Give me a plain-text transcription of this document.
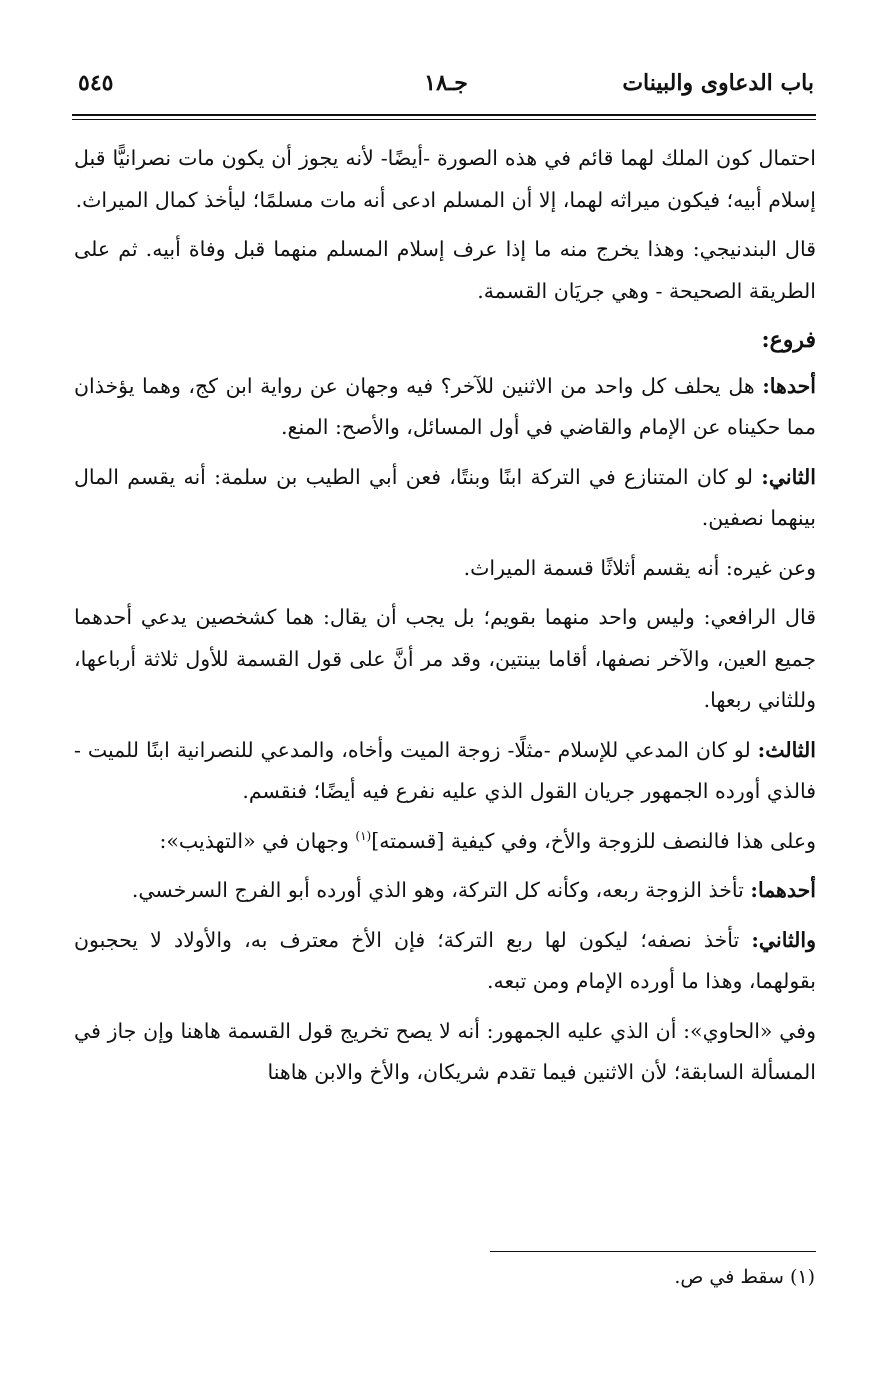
باب الدعاوى والبينات
جـ١٨
٥٤٥

احتمال كون الملك لهما قائم في هذه الصورة -أيضًا- لأنه يجوز أن يكون مات نصرانيًّا قبل إسلام أبيه؛ فيكون ميراثه لهما، إلا أن المسلم ادعى أنه مات مسلمًا؛ ليأخذ كمال الميراث.

قال البندنيجي: وهذا يخرج منه ما إذا عرف إسلام المسلم منهما قبل وفاة أبيه. ثم على الطريقة الصحيحة - وهي جريَان القسمة.

فروع:

أحدها: هل يحلف كل واحد من الاثنين للآخر؟ فيه وجهان عن رواية ابن كج، وهما يؤخذان مما حكيناه عن الإمام والقاضي في أول المسائل، والأصح: المنع.

الثاني: لو كان المتنازع في التركة ابنًا وبنتًا، فعن أبي الطيب بن سلمة: أنه يقسم المال بينهما نصفين.

وعن غيره: أنه يقسم أثلاثًا قسمة الميراث.

قال الرافعي: وليس واحد منهما بقويم؛ بل يجب أن يقال: هما كشخصين يدعي أحدهما جميع العين، والآخر نصفها، أقاما بينتين، وقد مر أنَّ على قول القسمة للأول ثلاثة أرباعها، وللثاني ربعها.

الثالث: لو كان المدعي للإسلام -مثلًا- زوجة الميت وأخاه، والمدعي للنصرانية ابنًا للميت - فالذي أورده الجمهور جريان القول الذي عليه نفرع فيه أيضًا؛ فنقسم.

وعلى هذا فالنصف للزوجة والأخ، وفي كيفية [قسمته]$^{(١)}$ وجهان في «التهذيب»:

أحدهما: تأخذ الزوجة ربعه، وكأنه كل التركة، وهو الذي أورده أبو الفرج السرخسي.

والثاني: تأخذ نصفه؛ ليكون لها ربع التركة؛ فإن الأخ معترف به، والأولاد لا يحجبون بقولهما، وهذا ما أورده الإمام ومن تبعه.

وفي «الحاوي»: أن الذي عليه الجمهور: أنه لا يصح تخريج قول القسمة هاهنا وإن جاز في المسألة السابقة؛ لأن الاثنين فيما تقدم شريكان، والأخ والابن هاهنا

(١) سقط في ص.
